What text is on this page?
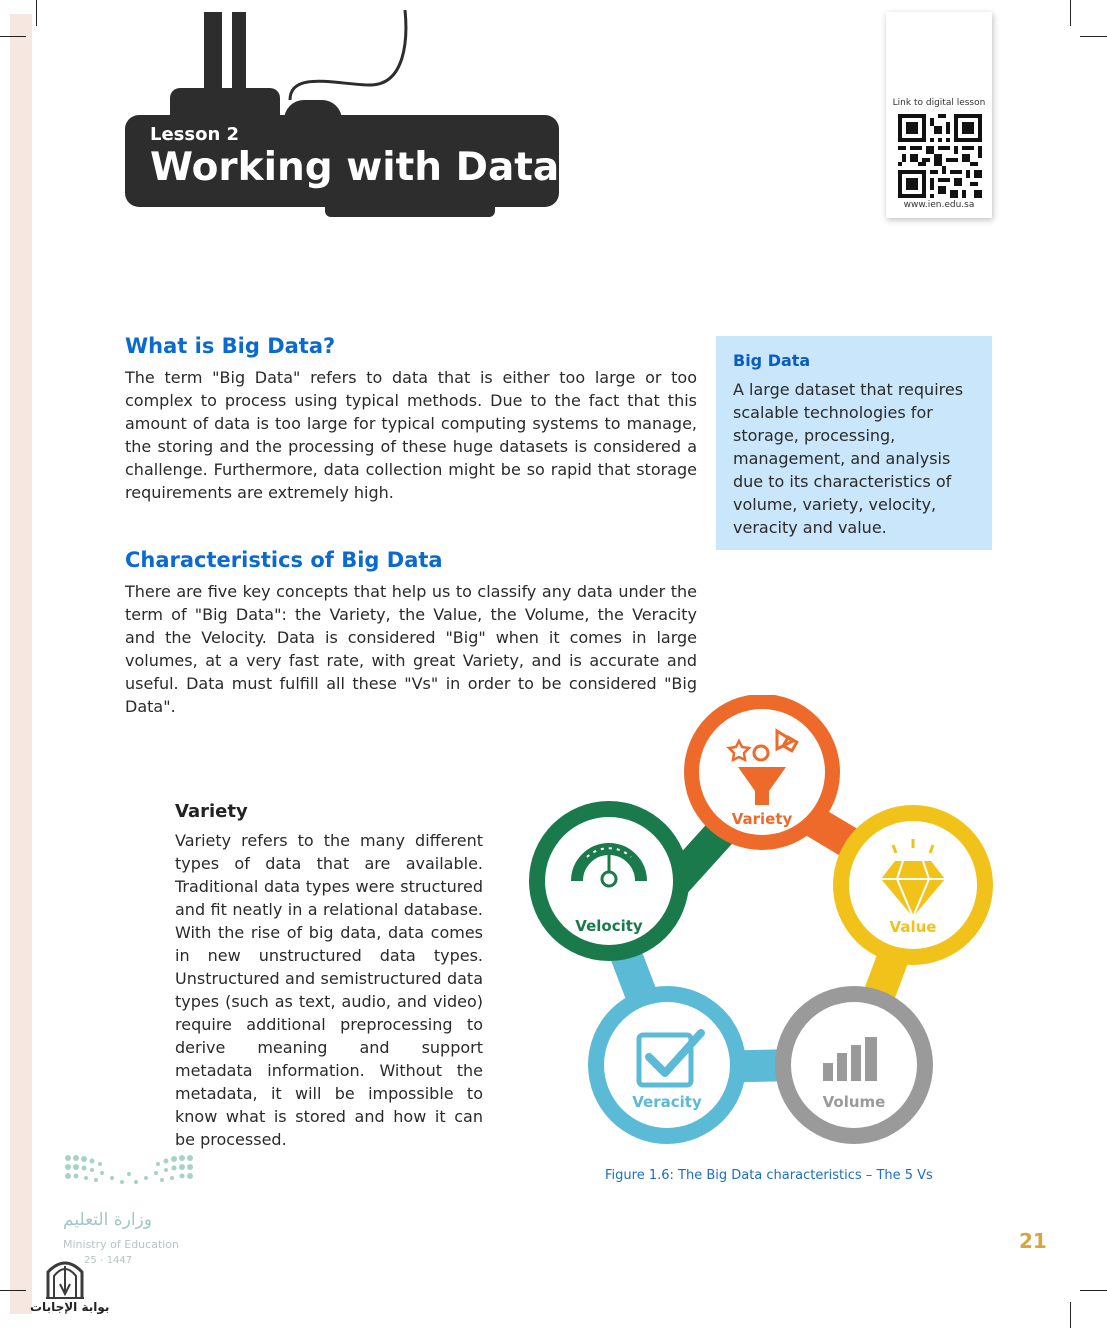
Lesson 2
Working with Data
Link to digital lesson
www.ien.edu.sa
What is Big Data?

The term "Big Data" refers to data that is either too large or too complex to process using typical methods. Due to the fact that this amount of data is too large for typical computing systems to manage, the storing and the processing of these huge datasets is considered a challenge. Furthermore, data collection might be so rapid that storage requirements are extremely high.

Big Data

A large dataset that requires scalable technologies for storage, processing, management, and analysis due to its characteristics of volume, variety, velocity, veracity and value.

Characteristics of Big Data

There are five key concepts that help us to classify any data under the term of "Big Data": the Variety, the Value, the Volume, the Veracity and the Velocity. Data is considered "Big" when it comes in large volumes, at a very fast rate, with great Variety, and is accurate and useful. Data must fulfill all these "Vs" in order to be considered "Big Data".

Variety

Variety refers to the many different types of data that are available. Traditional data types were structured and fit neatly in a relational database. With the rise of big data, data comes in new unstructured data types. Unstructured and semistructured data types (such as text, audio, and video) require additional preprocessing to derive meaning and support metadata information. Without the metadata, it will be impossible to know what is stored and how it can be processed.

Variety
Value
Volume
Veracity
Velocity
Figure 1.6: The Big Data characteristics – The 5 Vs
وزارة التعليم
Ministry of Education
25 - 1447
بوابة الإجابات
21
